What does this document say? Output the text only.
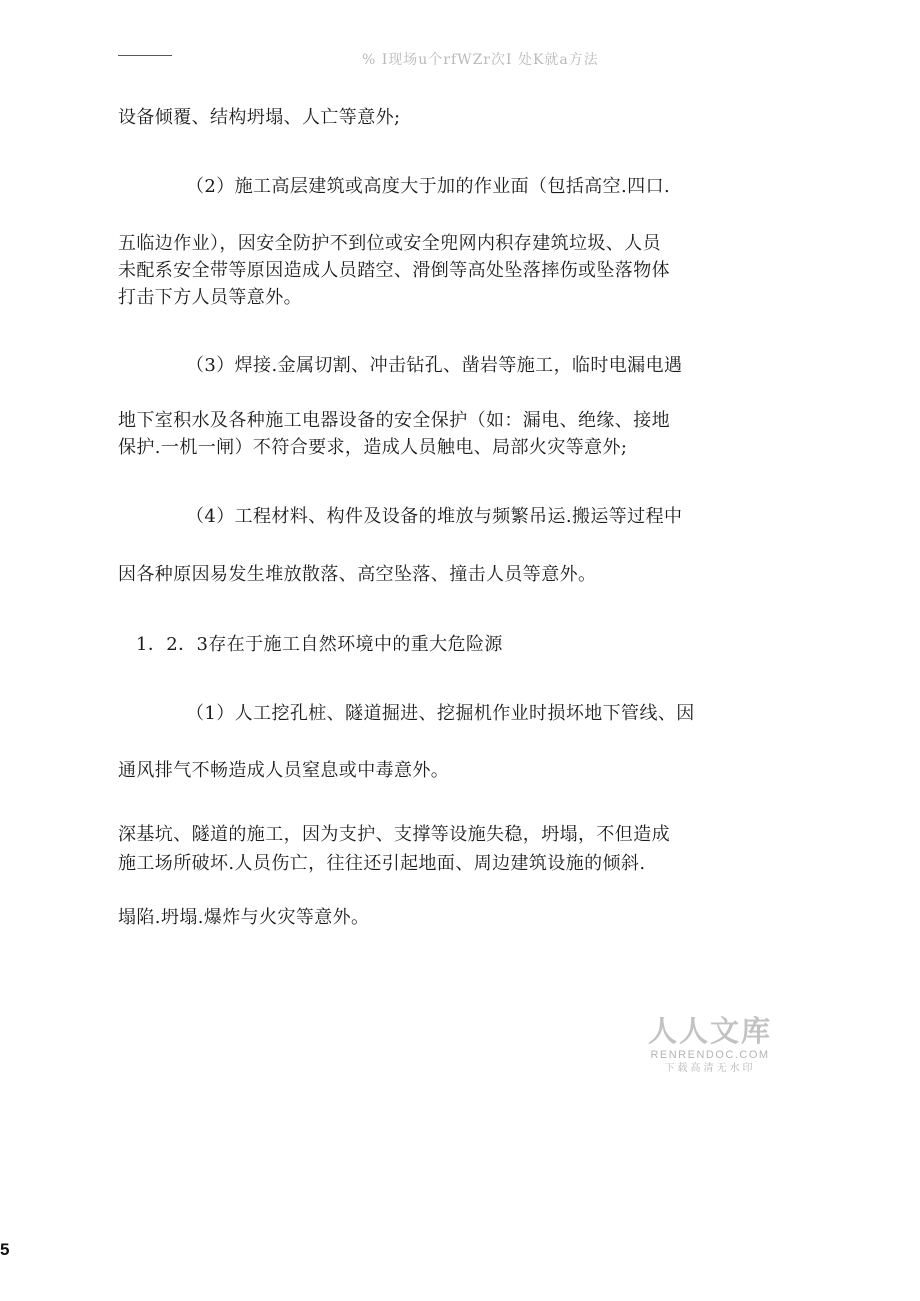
% I现场u个rfWZr次I 处K就a方法
设备倾覆、结构坍塌、人亡等意外;
（2）施工高层建筑或高度大于加的作业面（包括高空.四口.
五临边作业），因安全防护不到位或安全兜网内积存建筑垃圾、人员
未配系安全带等原因造成人员踏空、滑倒等高处坠落摔伤或坠落物体
打击下方人员等意外。
（3）焊接.金属切割、冲击钻孔、凿岩等施工，临时电漏电遇
地下室积水及各种施工电器设备的安全保护（如：漏电、绝缘、接地
保护.一机一闸）不符合要求，造成人员触电、局部火灾等意外;
（4）工程材料、构件及设备的堆放与频繁吊运.搬运等过程中
因各种原因易发生堆放散落、高空坠落、撞击人员等意外。
1．2．3存在于施工自然环境中的重大危险源
（1）人工挖孔桩、隧道掘进、挖掘机作业时损坏地下管线、因
通风排气不畅造成人员窒息或中毒意外。
深基坑、隧道的施工，因为支护、支撑等设施失稳，坍塌，不但造成
施工场所破坏.人员伤亡，往往还引起地面、周边建筑设施的倾斜.
塌陷.坍塌.爆炸与火灾等意外。
人人文库
RENRENDOC.COM
下载高清无水印
5
